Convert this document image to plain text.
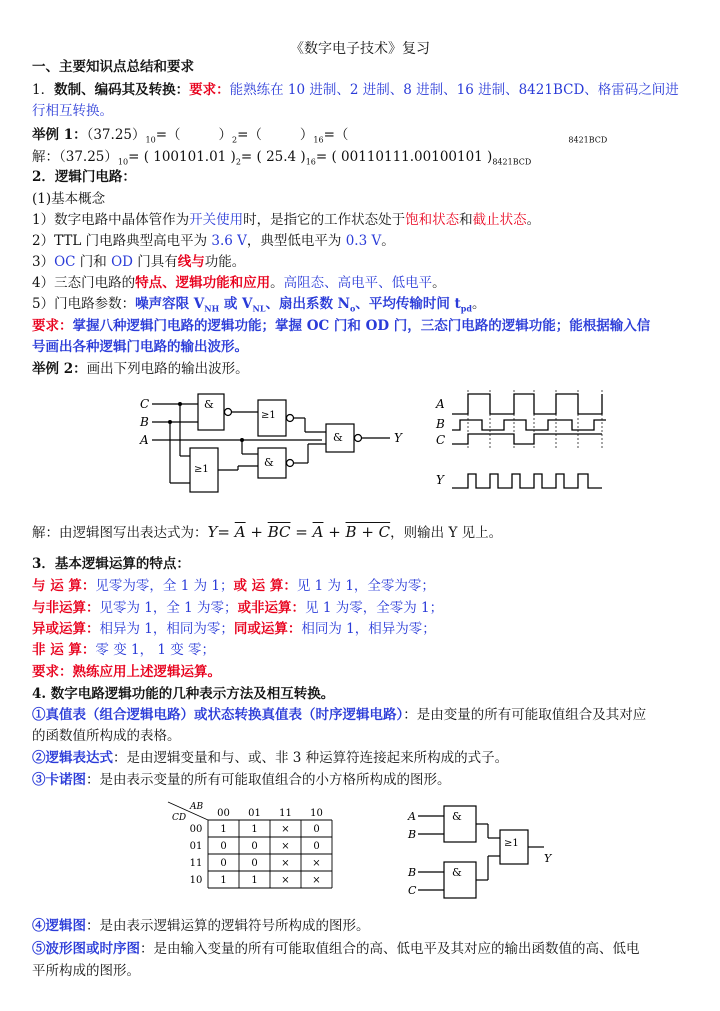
《数字电子技术》复习
一、主要知识点总结和要求
1．数制、编码其及转换：要求：能熟练在 10 进制、2 进制、8 进制、16 进制、8421BCD、格雷码之间进
行相互转换。
举例 1：$(37.25)_{10}=$（	）$_2=$（	）$_{16}=$（	$_{8421BCD}$
解：$(37.25)_{10}=$ ( 100101.01 )$_2=$ ( 25.4 )$_{16}=$ ( 00110111.00100101 )$_{8421BCD}$
2．逻辑门电路：
(1)基本概念
1）数字电路中晶体管作为开关使用时，是指它的工作状态处于饱和状态和截止状态。
2）TTL 门电路典型高电平为 3.6 V，典型低电平为 0.3 V。
3）OC 门和 OD 门具有线与功能。
4）三态门电路的特点、逻辑功能和应用。高阻态、高电平、低电平。
5）门电路参数：噪声容限 $V_{NH}$ 或 $V_{NL}$、扇出系数 $N_o$、平均传输时间 $t_{pd}$。
要求：掌握八种逻辑门电路的逻辑功能；掌握 OC 门和 OD 门，三态门电路的逻辑功能；能根据输入信
号画出各种逻辑门电路的输出波形。
举例 2：画出下列电路的输出波形。
C
B
A
&
≥1
≥1
&
&	Y
A
B
C
Y
解：由逻辑图写出表达式为：$Y= \overline{A} + \overline{BC} = \overline{A} + B + C$，则输出 Y 见上。
3．基本逻辑运算的特点：
与 运 算：见零为零，全 1 为 1；或 运 算：见 1 为 1，全零为零；
与非运算：见零为 1，全 1 为零；或非运算：见 1 为零，全零为 1；
异或运算：相异为 1，相同为零；同或运算：相同为 1，相异为零；
非 运 算：零 变 1， 1 变 零；
要求：熟练应用上述逻辑运算。
4. 数字电路逻辑功能的几种表示方法及相互转换。
①真值表（组合逻辑电路）或状态转换真值表（时序逻辑电路）：是由变量的所有可能取值组合及其对应
的函数值所构成的表格。
②逻辑表达式：是由逻辑变量和与、或、非 3 种运算符连接起来所构成的式子。
③卡诺图：是由表示变量的所有可能取值组合的小方格所构成的图形。
AB
CD	00 01 11 10
00 1 1 × 0
01 0 0 × 0
11 0 0 × ×
10 1 1 × ×
A
B
B
C
&
&
≥1
Y
④逻辑图：是由表示逻辑运算的逻辑符号所构成的图形。
⑤波形图或时序图：是由输入变量的所有可能取值组合的高、低电平及其对应的输出函数值的高、低电
平所构成的图形。
